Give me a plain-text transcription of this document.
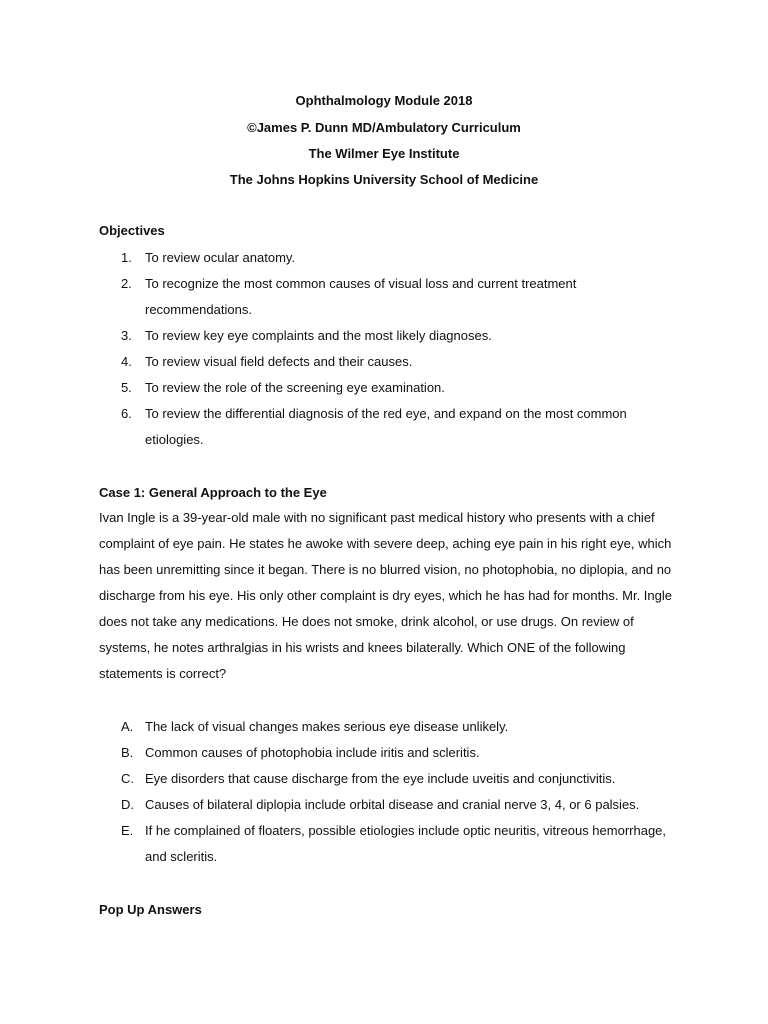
Ophthalmology Module 2018
©James P. Dunn MD/Ambulatory Curriculum
The Wilmer Eye Institute
The Johns Hopkins University School of Medicine
Objectives
1. To review ocular anatomy.
2. To recognize the most common causes of visual loss and current treatment
recommendations.
3. To review key eye complaints and the most likely diagnoses.
4. To review visual field defects and their causes.
5. To review the role of the screening eye examination.
6. To review the differential diagnosis of the red eye, and expand on the most common
etiologies.
Case 1: General Approach to the Eye
Ivan Ingle is a 39-year-old male with no significant past medical history who presents with a chief
complaint of eye pain. He states he awoke with severe deep, aching eye pain in his right eye, which
has been unremitting since it began. There is no blurred vision, no photophobia, no diplopia, and no
discharge from his eye. His only other complaint is dry eyes, which he has had for months. Mr. Ingle
does not take any medications. He does not smoke, drink alcohol, or use drugs. On review of
systems, he notes arthralgias in his wrists and knees bilaterally. Which ONE of the following
statements is correct?
A. The lack of visual changes makes serious eye disease unlikely.
B. Common causes of photophobia include iritis and scleritis.
C. Eye disorders that cause discharge from the eye include uveitis and conjunctivitis.
D. Causes of bilateral diplopia include orbital disease and cranial nerve 3, 4, or 6 palsies.
E. If he complained of floaters, possible etiologies include optic neuritis, vitreous hemorrhage,
and scleritis.
Pop Up Answers
